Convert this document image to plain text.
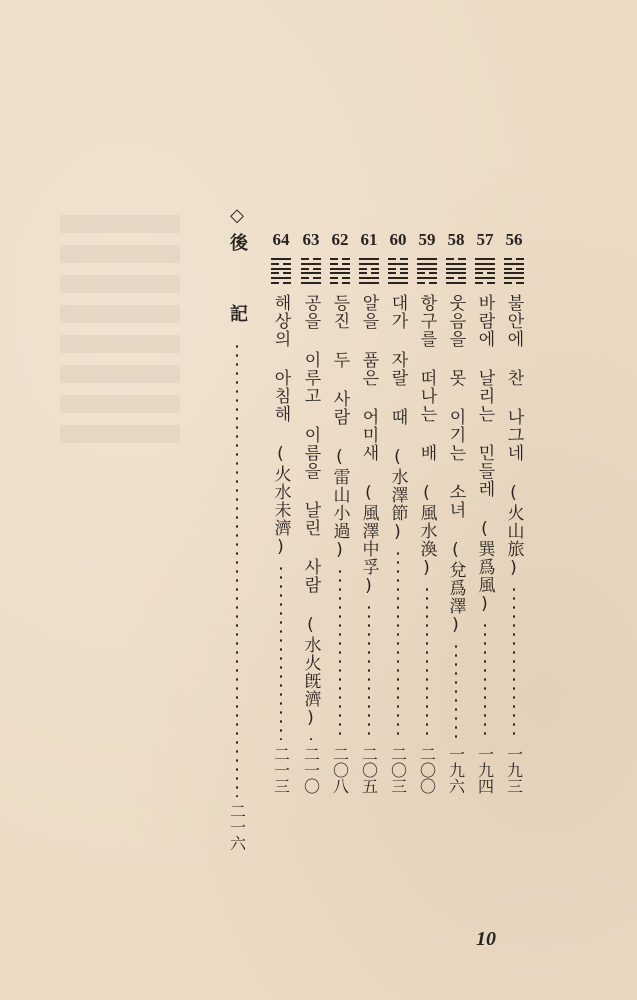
◇
後 記
二一六
56
불안에 찬 나그네 (火山旅)
一九三
57
바람에 날리는 민들레 (巽爲風)
一九四
58
웃음을 못 이기는 소녀 (兌爲澤)
一九六
59
항구를 떠나는 배 (風水渙)
二〇〇
60
대가 자랄 때 (水澤節)
二〇三
61
알을 품은 어미새 (風澤中孚)
二〇五
62
등진 두 사람 (雷山小過)
二〇八
63
공을 이루고 이름을 날린 사람 (水火旣濟)
二一〇
64
해상의 아침해 (火水未濟)
二一三
10
